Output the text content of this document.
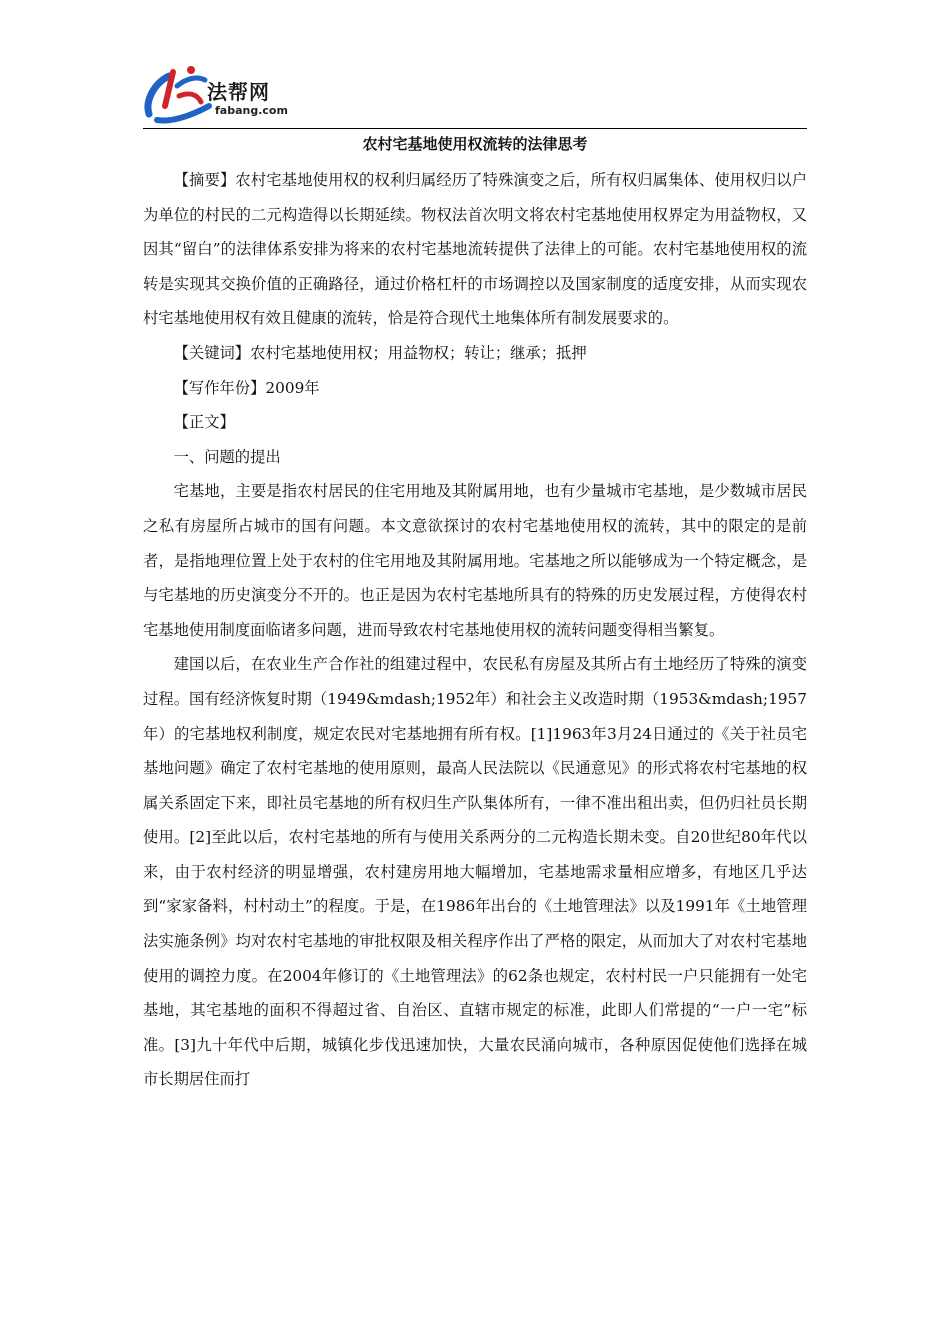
法帮网
fabang.com
农村宅基地使用权流转的法律思考

【摘要】农村宅基地使用权的权利归属经历了特殊演变之后，所有权归属集体、使用权归以户为单位的村民的二元构造得以长期延续。物权法首次明文将农村宅基地使用权界定为用益物权，又因其“留白”的法律体系安排为将来的农村宅基地流转提供了法律上的可能。农村宅基地使用权的流转是实现其交换价值的正确路径，通过价格杠杆的市场调控以及国家制度的适度安排，从而实现农村宅基地使用权有效且健康的流转，恰是符合现代土地集体所有制发展要求的。

【关键词】农村宅基地使用权；用益物权；转让；继承；抵押

【写作年份】2009年

【正文】

一、问题的提出

宅基地，主要是指农村居民的住宅用地及其附属用地，也有少量城市宅基地，是少数城市居民之私有房屋所占城市的国有问题。本文意欲探讨的农村宅基地使用权的流转，其中的限定的是前者，是指地理位置上处于农村的住宅用地及其附属用地。宅基地之所以能够成为一个特定概念，是与宅基地的历史演变分不开的。也正是因为农村宅基地所具有的特殊的历史发展过程，方使得农村宅基地使用制度面临诸多问题，进而导致农村宅基地使用权的流转问题变得相当繁复。

建国以后，在农业生产合作社的组建过程中，农民私有房屋及其所占有土地经历了特殊的演变过程。国有经济恢复时期（1949&mdash;1952年）和社会主义改造时期（1953&mdash;1957年）的宅基地权利制度，规定农民对宅基地拥有所有权。[1]1963年3月24日通过的《关于社员宅基地问题》确定了农村宅基地的使用原则，最高人民法院以《民通意见》的形式将农村宅基地的权属关系固定下来，即社员宅基地的所有权归生产队集体所有，一律不准出租出卖，但仍归社员长期使用。[2]至此以后，农村宅基地的所有与使用关系两分的二元构造长期未变。自20世纪80年代以来，由于农村经济的明显增强，农村建房用地大幅增加，宅基地需求量相应增多，有地区几乎达到“家家备料，村村动土”的程度。于是，在1986年出台的《土地管理法》以及1991年《土地管理法实施条例》均对农村宅基地的审批权限及相关程序作出了严格的限定，从而加大了对农村宅基地使用的调控力度。在2004年修订的《土地管理法》的62条也规定，农村村民一户只能拥有一处宅基地，其宅基地的面积不得超过省、自治区、直辖市规定的标准，此即人们常提的“一户一宅”标准。[3]九十年代中后期，城镇化步伐迅速加快，大量农民涌向城市，各种原因促使他们选择在城市长期居住而打
